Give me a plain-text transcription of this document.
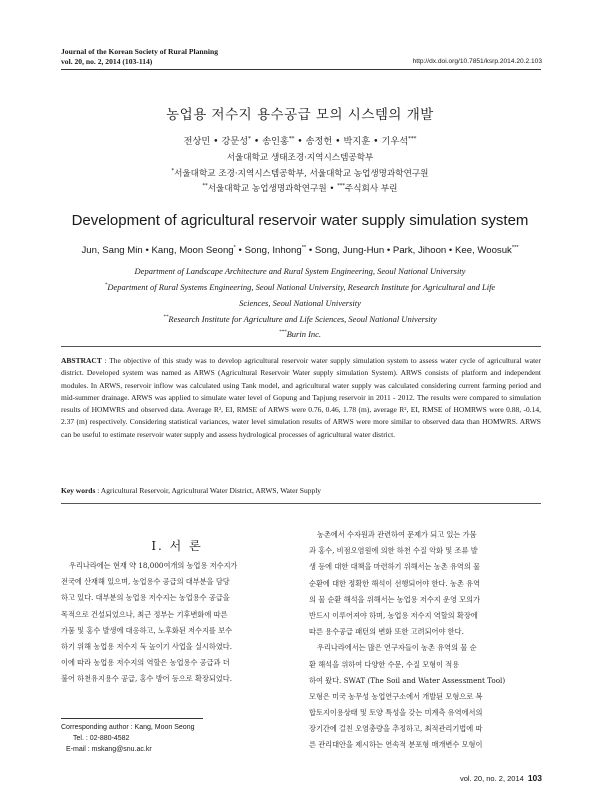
Journal of the Korean Society of Rural Planning
vol. 20, no. 2, 2014 (103-114)	http://dx.doi.org/10.7851/ksrp.2014.20.2.103
농업용 저수지 용수공급 모의 시스템의 개발
전상민 • 강문성* • 송인홍** • 송정헌 • 박지훈 • 기우석***
서울대학교 생태조경·지역시스템공학부
*서울대학교 조경·지역시스템공학부, 서울대학교 농업생명과학연구원
**서울대학교 농업생명과학연구원 • ***주식회사 부린
Development of agricultural reservoir water supply simulation system
Jun, Sang Min • Kang, Moon Seong* • Song, Inhong** • Song, Jung-Hun • Park, Jihoon • Kee, Woosuk***
Department of Landscape Architecture and Rural System Engineering, Seoul National University
*Department of Rural Systems Engineering, Seoul National University, Research Institute for Agricultural and Life
Sciences, Seoul National University
**Research Institute for Agriculture and Life Sciences, Seoul National University
***Burin Inc.
ABSTRACT : The objective of this study was to develop agricultural reservoir water supply simulation system to assess water cycle of agricultural water district. Developed system was named as ARWS (Agricultural Reservoir Water supply simulation System). ARWS consists of platform and independent modules. In ARWS, reservoir inflow was calculated using Tank model, and agricultural water supply was calculated considering current farming period and mid-summer drainage. ARWS was applied to simulate water level of Gopung and Tapjung reservoir in 2011 - 2012. The results were compared to simulation results of HOMWRS and observed data. Average R², EI, RMSE of ARWS were 0.76, 0.46, 1.78 (m), average R², EI, RMSE of HOMRWS were 0.88, -0.14, 2.37 (m) respectively. Considering statistical variances, water level simulation results of ARWS were more similar to observed data than HOMWRS. ARWS can be useful to estimate reservoir water supply and assess hydrological processes of agricultural water district.
Key words : Agricultural Reservoir, Agricultural Water District, ARWS, Water Supply
I. 서 론
우리나라에는 현재 약 18,000여개의 농업용 저수지가
전국에 산재해 있으며, 농업용수 공급의 대부분을 담당
하고 있다. 대부분의 농업용 저수지는 농업용수 공급을
목적으로 건설되었으나, 최근 정부는 기후변화에 따른
가뭄 및 홍수 발생에 대응하고, 노후화된 저수지를 보수
하기 위해 농업용 저수지 둑 높이기 사업을 실시하였다.
이에 따라 농업용 저수지의 역할은 농업용수 공급과 더
불어 하천유지용수 공급, 홍수 방어 등으로 확장되었다.
농촌에서 수자원과 관련하여 문제가 되고 있는 가뭄
과 홍수, 비점오염원에 의한 하천 수질 악화 및 조류 발
생 등에 대한 대책을 마련하기 위해서는 농촌 유역의 물
순환에 대한 정확한 해석이 선행되어야 한다. 농촌 유역
의 물 순환 해석을 위해서는 농업용 저수지 운영 모의가
반드시 이루어져야 하며, 농업용 저수지 역할의 확장에
따른 용수공급 패턴의 변화 또한 고려되어야 한다.
우리나라에서는 많은 연구자들이 농촌 유역의 물 순
환 해석을 위하여 다양한 수문, 수질 모형이 적용
하여 왔다. SWAT (The Soil and Water Assessment Tool)
모형은 미국 농무성 농업연구소에서 개발된 모형으로 복
합토지이용상태 및 토양 특성을 갖는 미계측 유역에서의
장기간에 걸친 오염총량을 추정하고, 최적관리기법에 따
른 관리대안을 제시하는 연속적 분포형 매개변수 모형이
Corresponding author : Kang, Moon Seong
Tel. : 02-880-4582
E-mail : mskang@snu.ac.kr
vol. 20, no. 2, 2014 103
